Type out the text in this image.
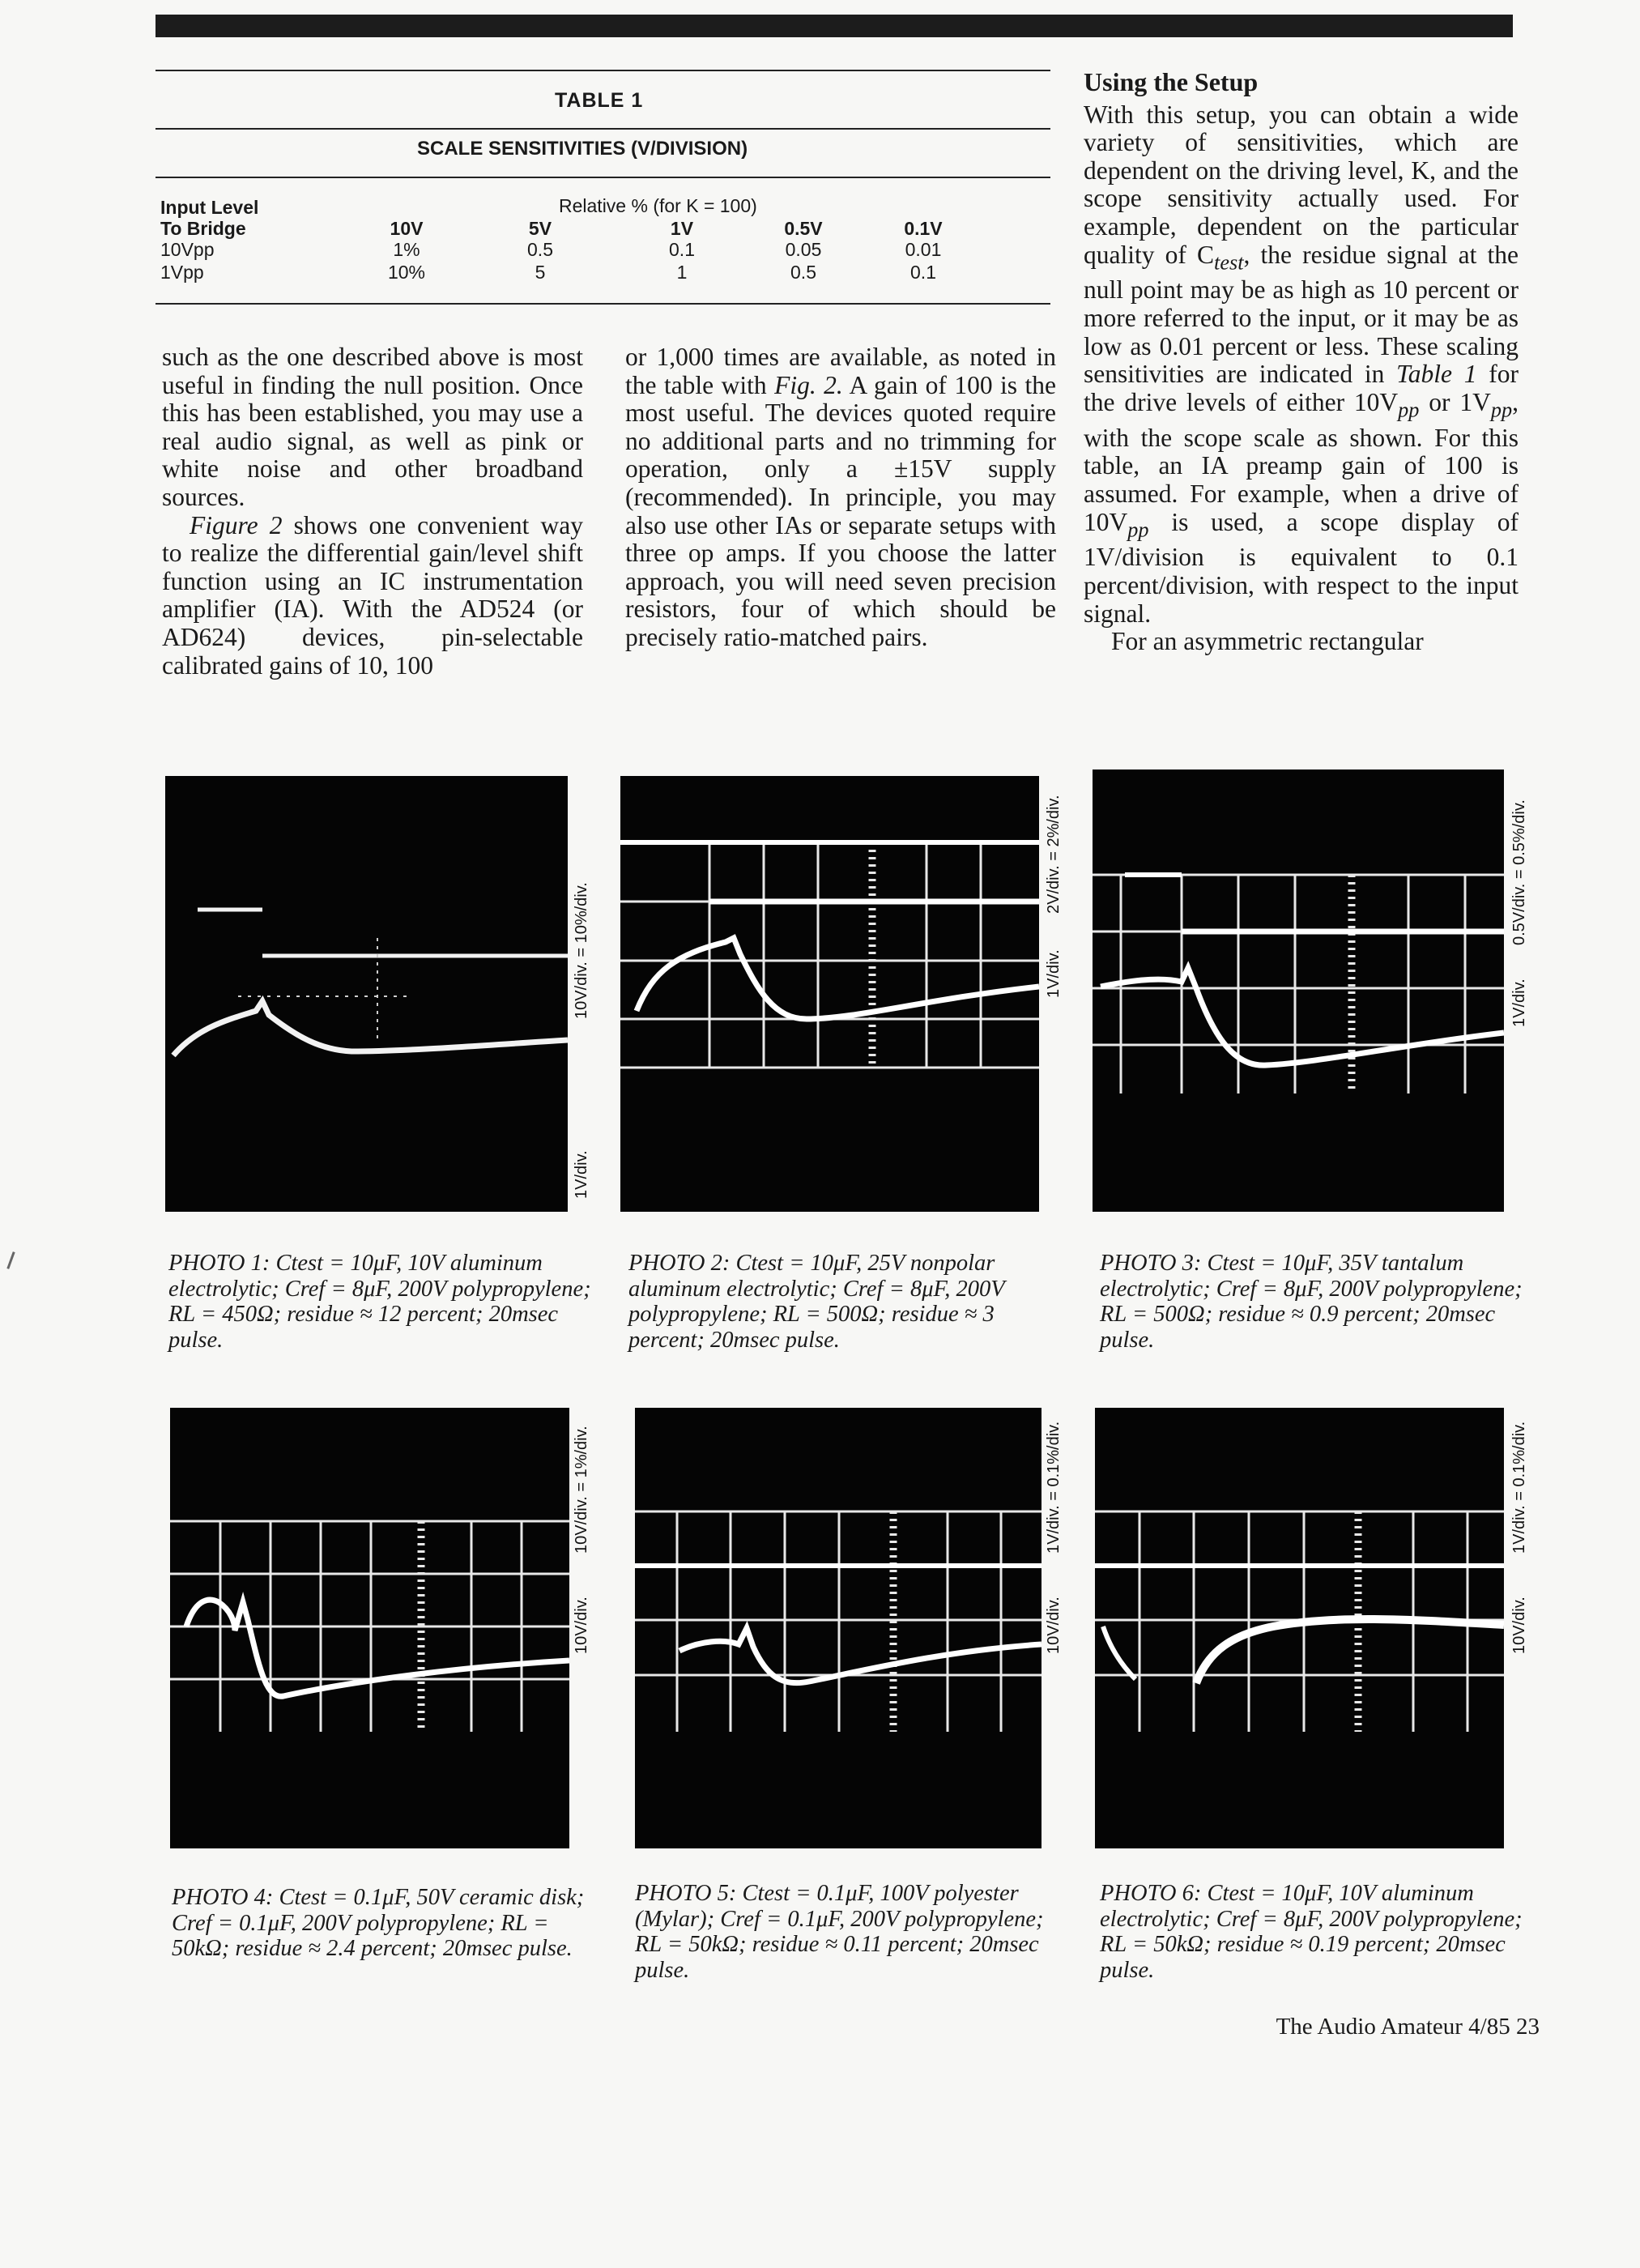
TABLE 1
SCALE SENSITIVITIES (V/DIVISION)
Input Level
To Bridge
Relative % (for K = 100)
10V	5V	1V	0.5V	0.1V
10Vpp	1%	0.5	0.1	0.05	0.01
1Vpp	10%	5	1	0.5	0.1

such as the one described above is most useful in finding the null position. Once this has been established, you may use a real audio signal, as well as pink or white noise and other broadband sources.

Figure 2 shows one convenient way to realize the differential gain/level shift function using an IC instrumentation amplifier (IA). With the AD524 (or AD624) devices, pin-selectable calibrated gains of 10, 100

or 1,000 times are available, as noted in the table with Fig. 2. A gain of 100 is the most useful. The devices quoted require no additional parts and no trimming for operation, only a ±15V supply (recommended). In principle, you may also use other IAs or separate setups with three op amps. If you choose the latter approach, you will need seven precision resistors, four of which should be precisely ratio-matched pairs.

Using the Setup

With this setup, you can obtain a wide variety of sensitivities, which are dependent on the driving level, K, and the scope sensitivity actually used. For example, dependent on the particular quality of $C_{test}$, the residue signal at the null point may be as high as 10 percent or more referred to the input, or it may be as low as 0.01 percent or less. These scaling sensitivities are indicated in Table 1 for the drive levels of either $10V_{pp}$ or $1V_{pp}$, with the scope scale as shown. For this table, an IA preamp gain of 100 is assumed. For example, when a drive of $10V_{pp}$ is used, a scope display of 1V/division is equivalent to 0.1 percent/division, with respect to the input signal.

For an asymmetric rectangular

10V/div. = 10%/div.
1V/div.
2V/div. = 2%/div.
1V/div.
0.5V/div. = 0.5%/div.
1V/div.
PHOTO 1: Ctest = 10μF, 10V aluminum electrolytic; Cref = 8μF, 200V polypropylene; RL = 450Ω; residue ≈ 12 percent; 20msec pulse.
PHOTO 2: Ctest = 10μF, 25V nonpolar aluminum electrolytic; Cref = 8μF, 200V polypropylene; RL = 500Ω; residue ≈ 3 percent; 20msec pulse.
PHOTO 3: Ctest = 10μF, 35V tantalum electrolytic; Cref = 8μF, 200V polypropylene; RL = 500Ω; residue ≈ 0.9 percent; 20msec pulse.
10V/div. = 1%/div.
10V/div.
1V/div. = 0.1%/div.
10V/div.
1V/div. = 0.1%/div.
10V/div.
PHOTO 4: Ctest = 0.1μF, 50V ceramic disk; Cref = 0.1μF, 200V polypropylene; RL = 50kΩ; residue ≈ 2.4 percent; 20msec pulse.
PHOTO 5: Ctest = 0.1μF, 100V polyester (Mylar); Cref = 0.1μF, 200V polypropylene; RL = 50kΩ; residue ≈ 0.11 percent; 20msec pulse.
PHOTO 6: Ctest = 10μF, 10V aluminum electrolytic; Cref = 8μF, 200V polypropylene; RL = 50kΩ; residue ≈ 0.19 percent; 20msec pulse.
The Audio Amateur 4/85 23
